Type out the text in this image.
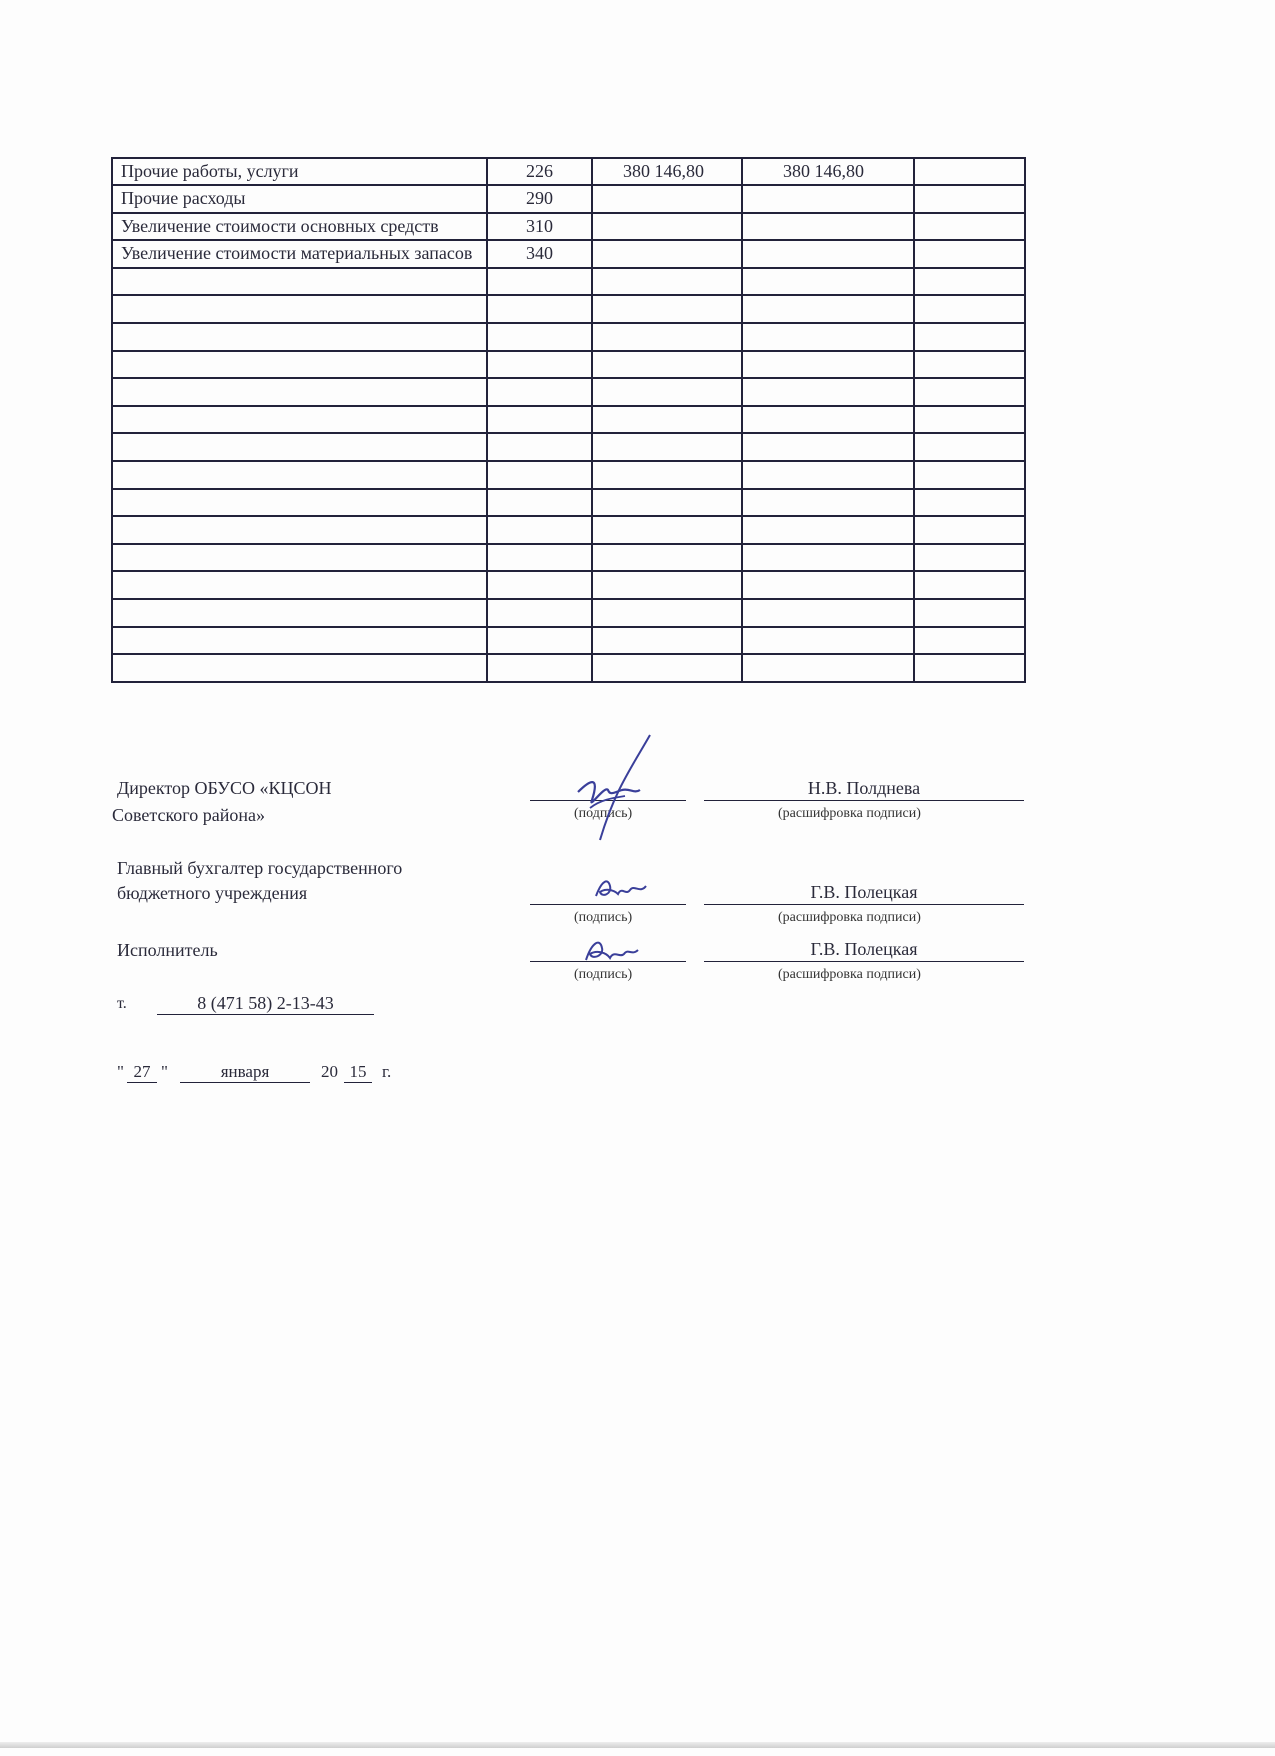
Прочие работы, услуги	226	380 146,80	380 146,80	
Прочие расходы	290			
Увеличение стоимости основных средств	310			
Увеличение стоимости материальных запасов	340			

Директор ОБУСО «КЦСОН
Советского района»
Н.В. Полднева
(подпись)	(расшифровка подписи)
Главный бухгалтер государственного
бюджетного учреждения	Г.В. Полецкая
(подпись)	(расшифровка подписи)
Исполнитель	Г.В. Полецкая
(подпись)	(расшифровка подписи)
т.	8 (471 58) 2-13-43
" 27 "	января	20 15 г.
